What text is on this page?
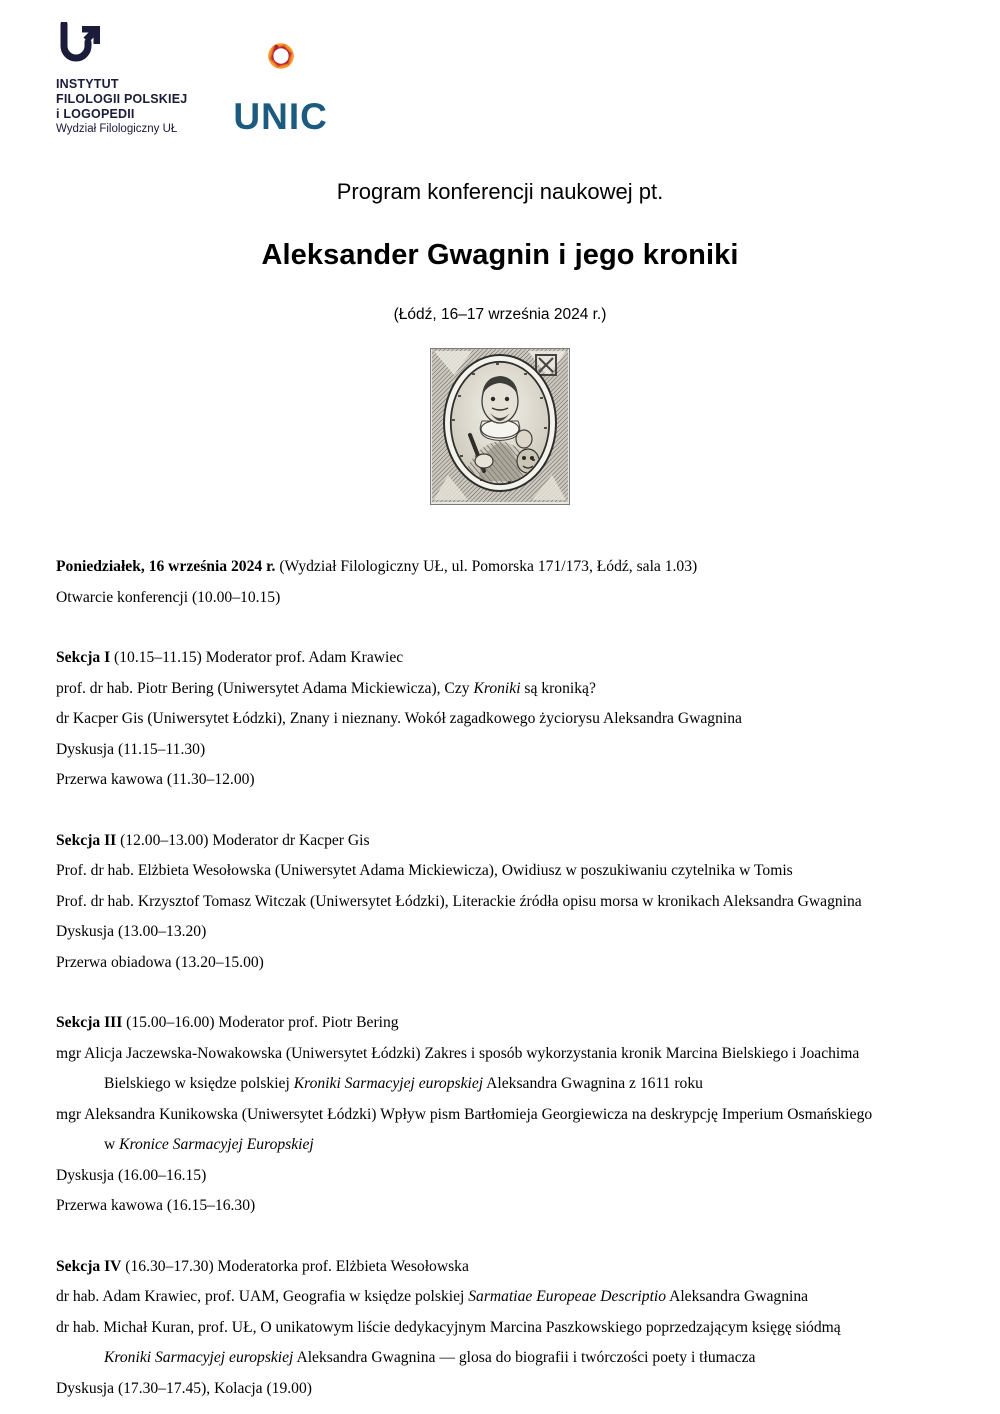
INSTYTUT
FILOLOGII POLSKIEJ
i LOGOPEDII
Wydział Filologiczny UŁ UNIC
Program konferencji naukowej pt.
Aleksander Gwagnin i jego kroniki
(Łódź, 16–17 września 2024 r.)
Poniedziałek, 16 września 2024 r. (Wydział Filologiczny UŁ, ul. Pomorska 171/173, Łódź, sala 1.03)
Otwarcie konferencji (10.00–10.15)
Sekcja I (10.15–11.15) Moderator prof. Adam Krawiec
prof. dr hab. Piotr Bering (Uniwersytet Adama Mickiewicza), Czy Kroniki są kroniką?
dr Kacper Gis (Uniwersytet Łódzki), Znany i nieznany. Wokół zagadkowego życiorysu Aleksandra Gwagnina
Dyskusja (11.15–11.30)
Przerwa kawowa (11.30–12.00)
Sekcja II (12.00–13.00) Moderator dr Kacper Gis
Prof. dr hab. Elżbieta Wesołowska (Uniwersytet Adama Mickiewicza), Owidiusz w poszukiwaniu czytelnika w Tomis
Prof. dr hab. Krzysztof Tomasz Witczak (Uniwersytet Łódzki), Literackie źródła opisu morsa w kronikach Aleksandra Gwagnina
Dyskusja (13.00–13.20)
Przerwa obiadowa (13.20–15.00)
Sekcja III (15.00–16.00) Moderator prof. Piotr Bering
mgr Alicja Jaczewska-Nowakowska (Uniwersytet Łódzki) Zakres i sposób wykorzystania kronik Marcina Bielskiego i Joachima
Bielskiego w księdze polskiej Kroniki Sarmacyjej europskiej Aleksandra Gwagnina z 1611 roku
mgr Aleksandra Kunikowska (Uniwersytet Łódzki) Wpływ pism Bartłomieja Georgiewicza na deskrypcję Imperium Osmańskiego
w Kronice Sarmacyjej Europskiej
Dyskusja (16.00–16.15)
Przerwa kawowa (16.15–16.30)
Sekcja IV (16.30–17.30) Moderatorka prof. Elżbieta Wesołowska
dr hab. Adam Krawiec, prof. UAM, Geografia w księdze polskiej Sarmatiae Europeae Descriptio Aleksandra Gwagnina
dr hab. Michał Kuran, prof. UŁ, O unikatowym liście dedykacyjnym Marcina Paszkowskiego poprzedzającym księgę siódmą
Kroniki Sarmacyjej europskiej Aleksandra Gwagnina — glosa do biografii i twórczości poety i tłumacza
Dyskusja (17.30–17.45), Kolacja (19.00)
